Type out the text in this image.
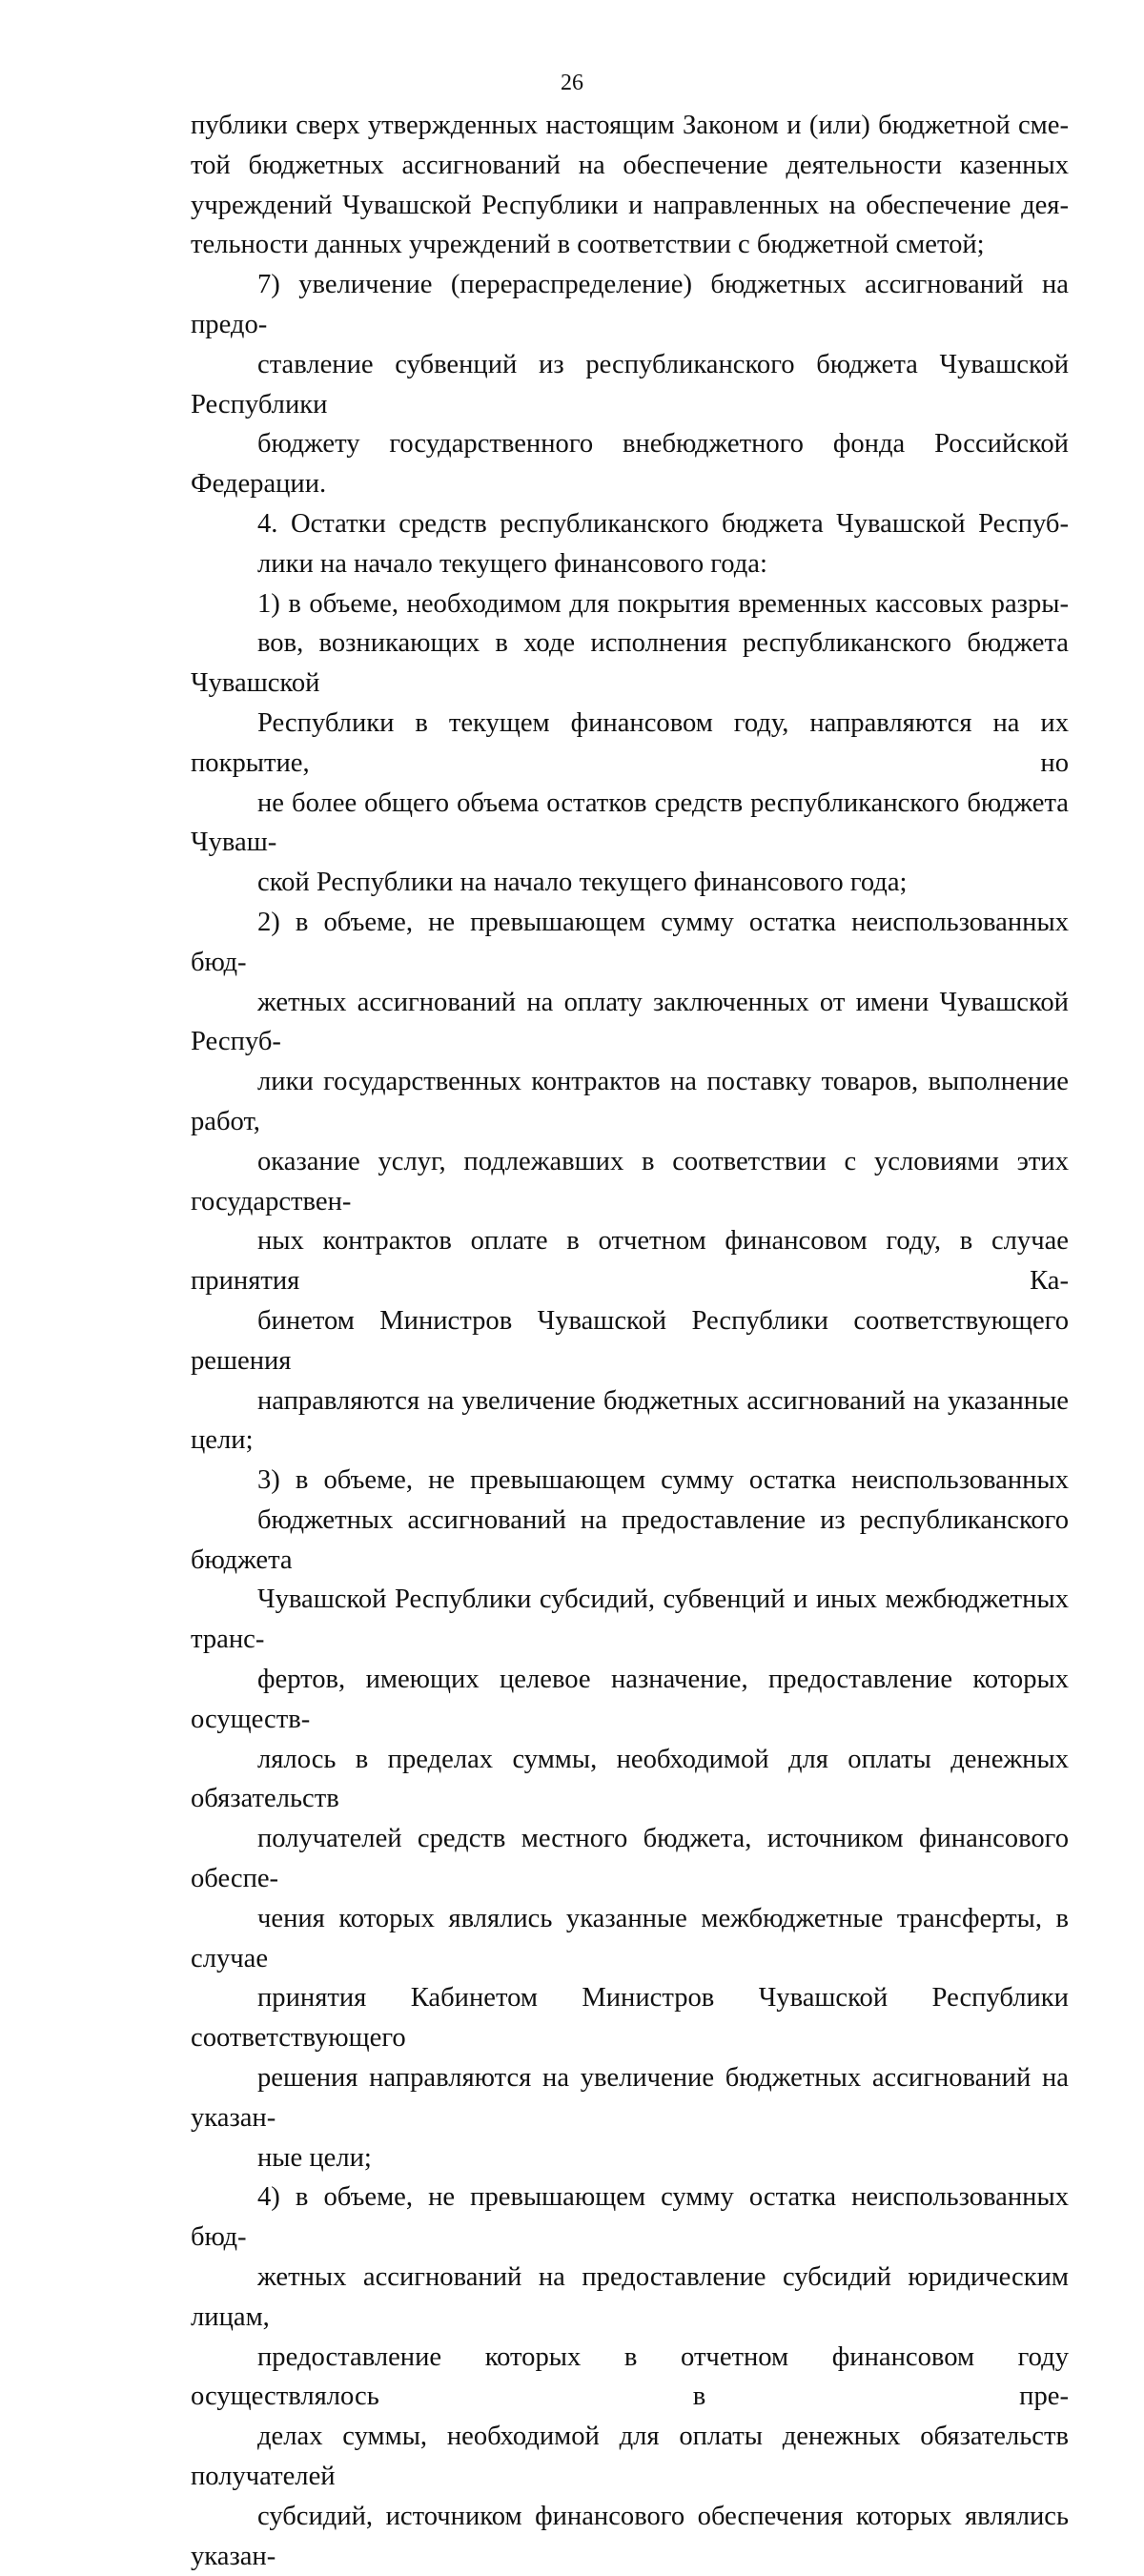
26

публики сверх утвержденных настоящим Законом и (или) бюджетной сме-
той бюджетных ассигнований на обеспечение деятельности казенных
учреждений Чувашской Республики и направленных на обеспечение дея-
тельности данных учреждений в соответствии с бюджетной сметой;

7) увеличение (перераспределение) бюджетных ассигнований на предо-
ставление субвенций из республиканского бюджета Чувашской Республики
бюджету государственного внебюджетного фонда Российской Федерации.

4. Остатки средств республиканского бюджета Чувашской Респуб-
лики на начало текущего финансового года:

1) в объеме, необходимом для покрытия временных кассовых разры-
вов, возникающих в ходе исполнения республиканского бюджета Чувашской
Республики в текущем финансовом году, направляются на их покрытие, но
не более общего объема остатков средств республиканского бюджета Чуваш-
ской Республики на начало текущего финансового года;

2) в объеме, не превышающем сумму остатка неиспользованных бюд-
жетных ассигнований на оплату заключенных от имени Чувашской Респуб-
лики государственных контрактов на поставку товаров, выполнение работ,
оказание услуг, подлежавших в соответствии с условиями этих государствен-
ных контрактов оплате в отчетном финансовом году, в случае принятия Ка-
бинетом Министров Чувашской Республики соответствующего решения
направляются на увеличение бюджетных ассигнований на указанные цели;

3) в объеме, не превышающем сумму остатка неиспользованных
бюджетных ассигнований на предоставление из республиканского бюджета
Чувашской Республики субсидий, субвенций и иных межбюджетных транс-
фертов, имеющих целевое назначение, предоставление которых осуществ-
лялось в пределах суммы, необходимой для оплаты денежных обязательств
получателей средств местного бюджета, источником финансового обеспе-
чения которых являлись указанные межбюджетные трансферты, в случае
принятия Кабинетом Министров Чувашской Республики соответствующего
решения направляются на увеличение бюджетных ассигнований на указан-
ные цели;

4) в объеме, не превышающем сумму остатка неиспользованных бюд-
жетных ассигнований на предоставление субсидий юридическим лицам,
предоставление которых в отчетном финансовом году осуществлялось в пре-
делах суммы, необходимой для оплаты денежных обязательств получателей
субсидий, источником финансового обеспечения которых являлись указан-
